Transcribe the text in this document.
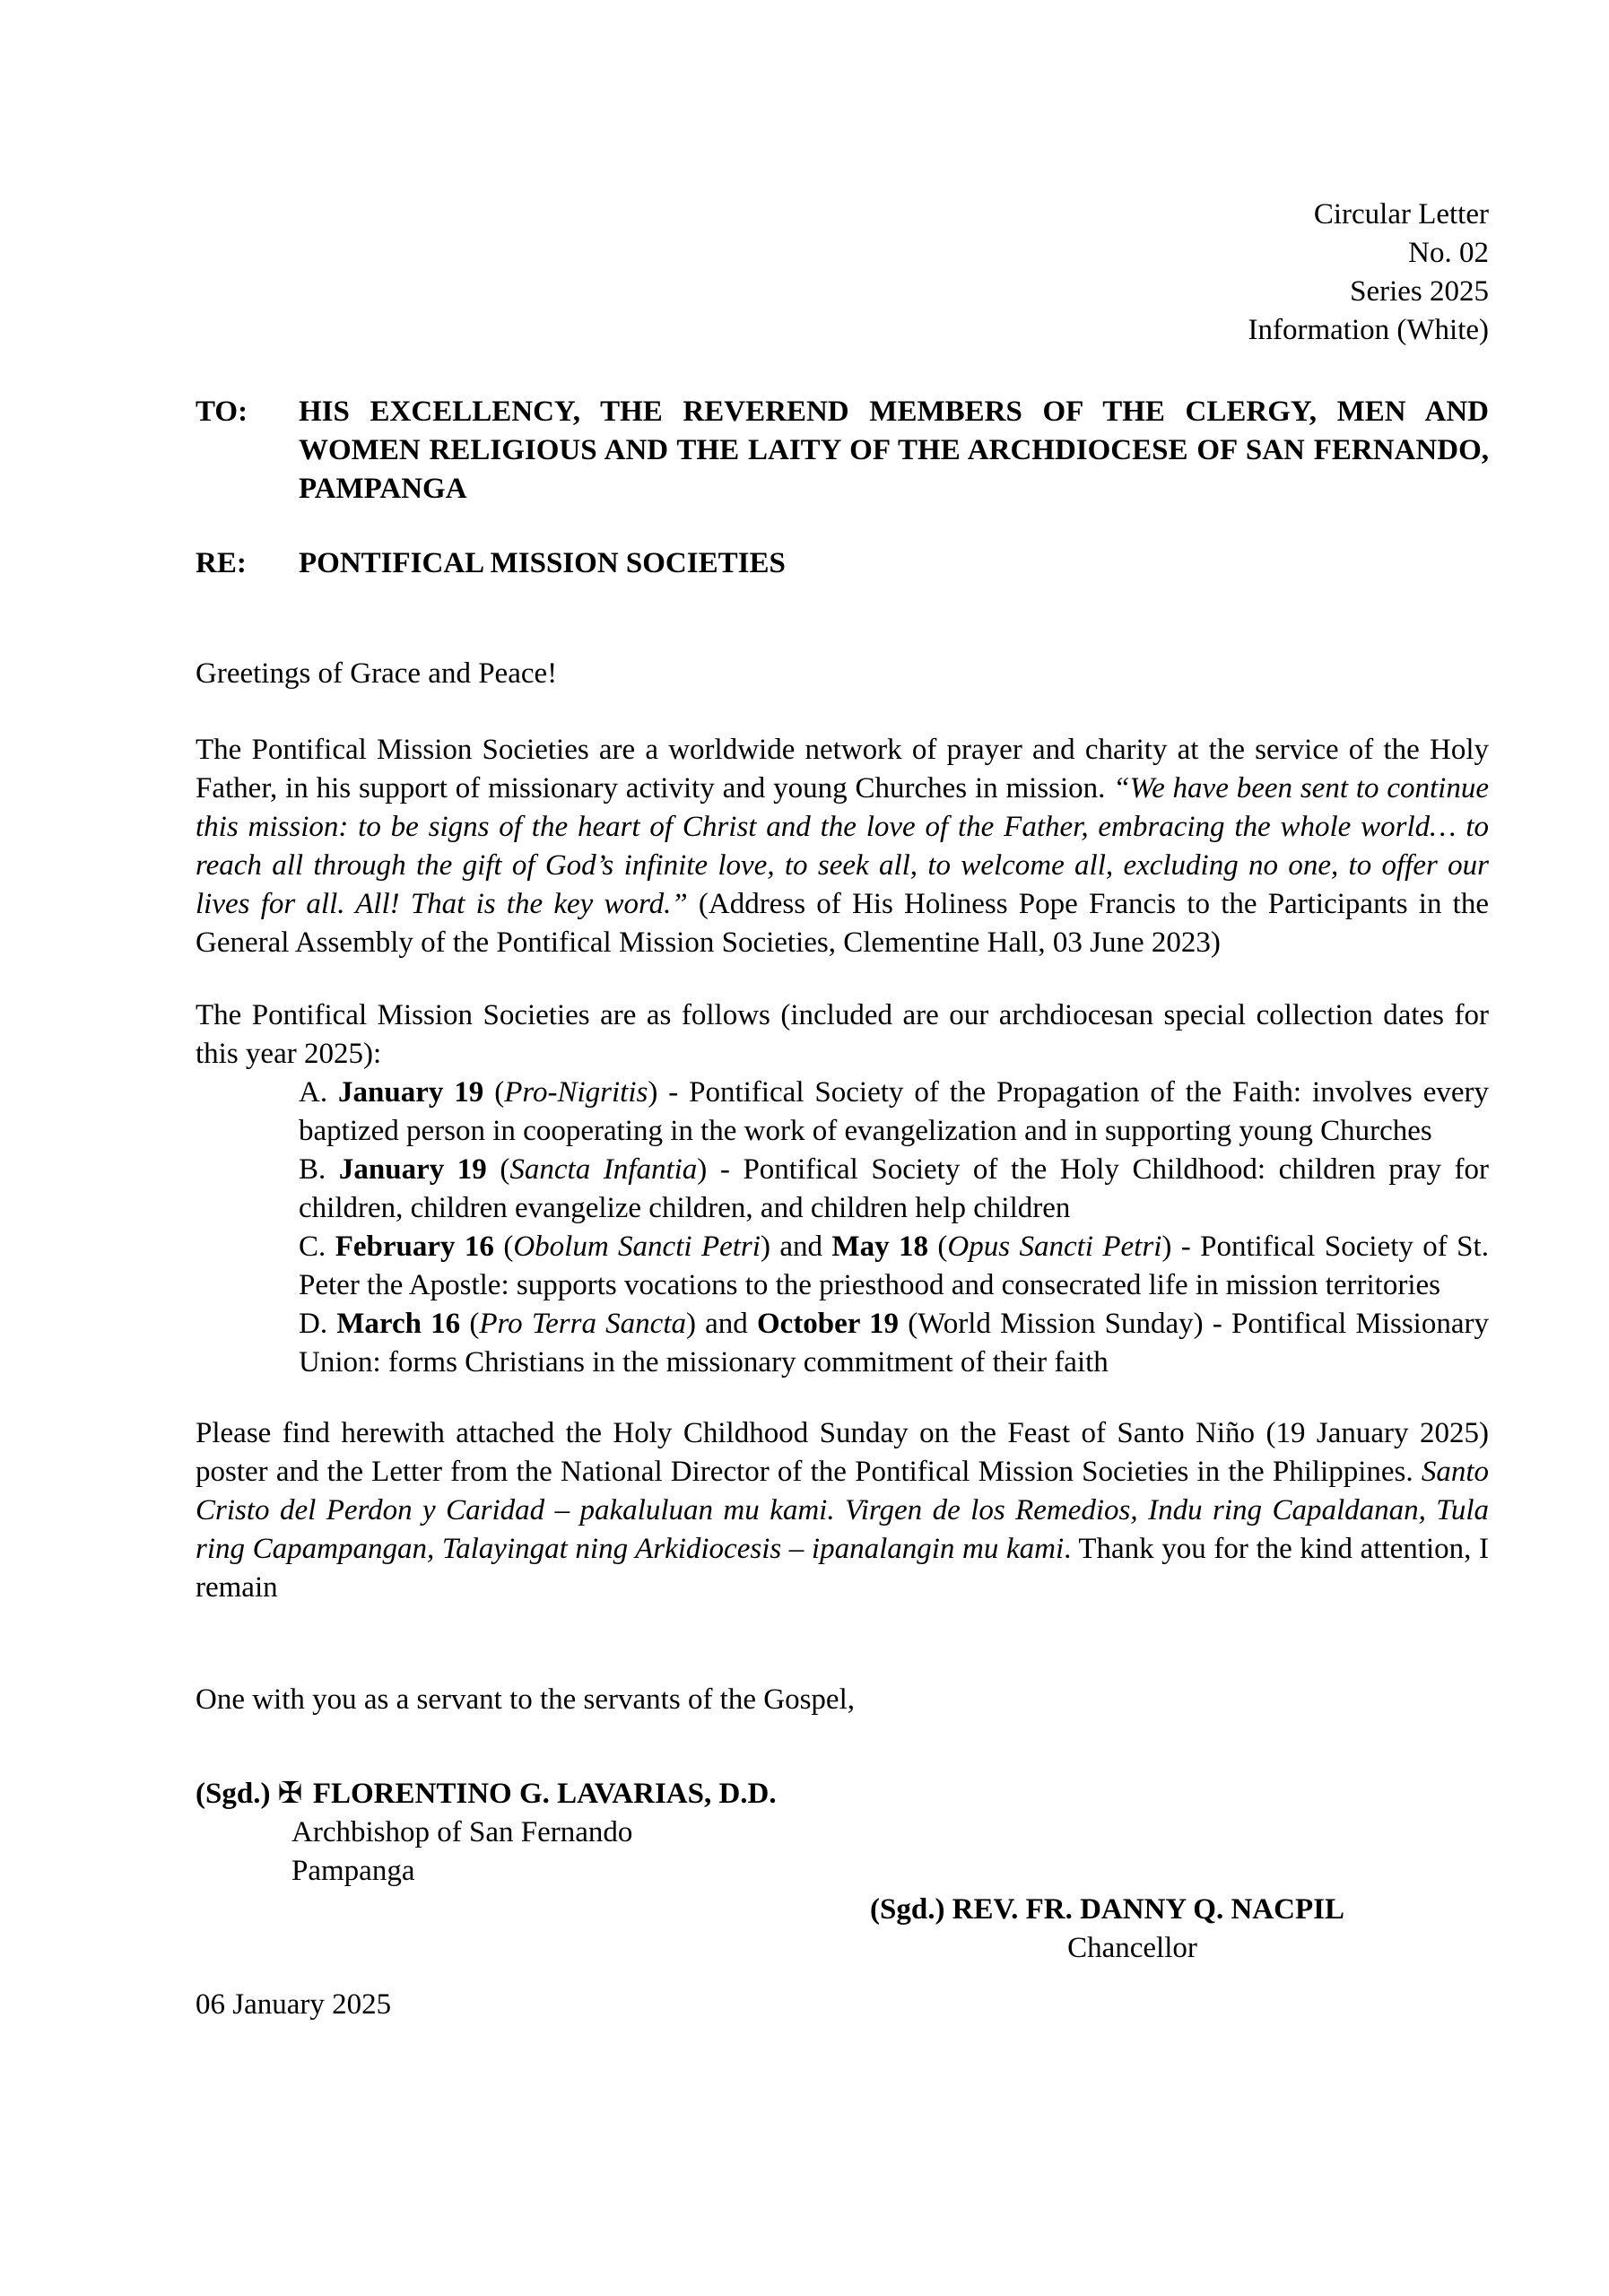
Circular Letter
No. 02
Series 2025
Information (White)
TO:	HIS EXCELLENCY, THE REVEREND MEMBERS OF THE CLERGY, MEN AND WOMEN RELIGIOUS AND THE LAITY OF THE ARCHDIOCESE OF SAN FERNANDO, PAMPANGA
RE:	PONTIFICAL MISSION SOCIETIES

Greetings of Grace and Peace!

The Pontifical Mission Societies are a worldwide network of prayer and charity at the service of the Holy Father, in his support of missionary activity and young Churches in mission. “We have been sent to continue this mission: to be signs of the heart of Christ and the love of the Father, embracing the whole world… to reach all through the gift of God’s infinite love, to seek all, to welcome all, excluding no one, to offer our lives for all. All! That is the key word.” (Address of His Holiness Pope Francis to the Participants in the General Assembly of the Pontifical Mission Societies, Clementine Hall, 03 June 2023)

The Pontifical Mission Societies are as follows (included are our archdiocesan special collection dates for this year 2025):

A. January 19 (Pro-Nigritis) - Pontifical Society of the Propagation of the Faith: involves every baptized person in cooperating in the work of evangelization and in supporting young Churches

B. January 19 (Sancta Infantia) - Pontifical Society of the Holy Childhood: children pray for children, children evangelize children, and children help children

C. February 16 (Obolum Sancti Petri) and May 18 (Opus Sancti Petri) - Pontifical Society of St. Peter the Apostle: supports vocations to the priesthood and consecrated life in mission territories

D. March 16 (Pro Terra Sancta) and October 19 (World Mission Sunday) - Pontifical Missionary Union: forms Christians in the missionary commitment of their faith

Please find herewith attached the Holy Childhood Sunday on the Feast of Santo Niño (19 January 2025) poster and the Letter from the National Director of the Pontifical Mission Societies in the Philippines. Santo Cristo del Perdon y Caridad – pakaluluan mu kami. Virgen de los Remedios, Indu ring Capaldanan, Tula ring Capampangan, Talayingat ning Arkidiocesis – ipanalangin mu kami. Thank you for the kind attention, I remain

One with you as a servant to the servants of the Gospel,

(Sgd.) ✠ FLORENTINO G. LAVARIAS, D.D.
Archbishop of San Fernando
Pampanga
(Sgd.) REV. FR. DANNY Q. NACPIL
Chancellor
06 January 2025
